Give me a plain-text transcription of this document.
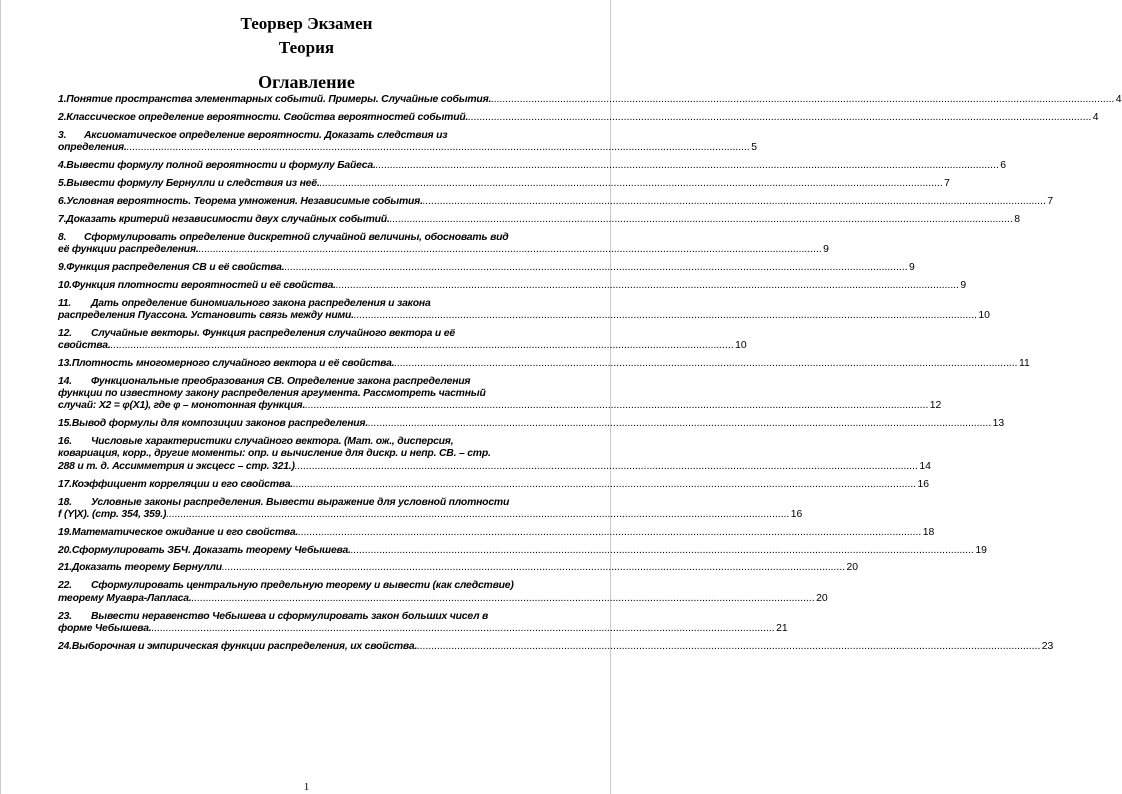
Теорвер Экзамен
Теория
Оглавление
1. Понятие пространства элементарных событий. Примеры. Случайные события. .....	4
2. Классическое определение вероятности. Свойства вероятностей событий. .....	4
3. Аксиоматическое определение вероятности. Доказать следствия из
определения. .....	5
4. Вывести формулу полной вероятности и формулу Байеса. .....	6
5. Вывести формулу Бернулли и следствия из неё. .....	7
6. Условная вероятность. Теорема умножения. Независимые события. .....	7
7. Доказать критерий независимости двух случайных событий. .....	8
8. Сформулировать определение дискретной случайной величины, обосновать вид
её функции распределения. .....	9
9. Функция распределения СВ и её свойства. .....	9
10. Функция плотности вероятностей и её свойства. .....	9
11. Дать определение биномиального закона распределения и закона
распределения Пуассона. Установить связь между ними. .....	10
12. Случайные векторы. Функция распределения случайного вектора и её
свойства. .....	10
13. Плотность многомерного случайного вектора и её свойства. .....	11
14. Функциональные преобразования СВ. Определение закона распределения
функции по известному закону распределения аргумента. Рассмотреть частный
случай: X2 = φ(X1), где φ – монотонная функция. .....	12
15. Вывод формулы для композиции законов распределения. .....	13
16. Числовые характеристики случайного вектора. (Мат. ож., дисперсия,
ковариация, корр., другие моменты: опр. и вычисление для дискр. и непр. СВ. – стр.
288 и т. д. Ассимметрия и эксцесс – стр. 321.) .....	14
17. Коэффициент корреляции и его свойства. .....	16
18. Условные законы распределения. Вывести выражение для условной плотности
f (Y|X). (стр. 354, 359.) .....	16
19. Математическое ожидание и его свойства. .....	18
20. Сформулировать ЗБЧ. Доказать теорему Чебышева. .....	19
21. Доказать теорему Бернулли .....	20
22. Сформулировать центральную предельную теорему и вывести (как следствие)
теорему Муавра-Лапласа. .....	20
23. Вывести неравенство Чебышева и сформулировать закон больших чисел в
форме Чебышева. .....	21
24. Выборочная и эмпирическая функции распределения, их свойства. .....	23
1
